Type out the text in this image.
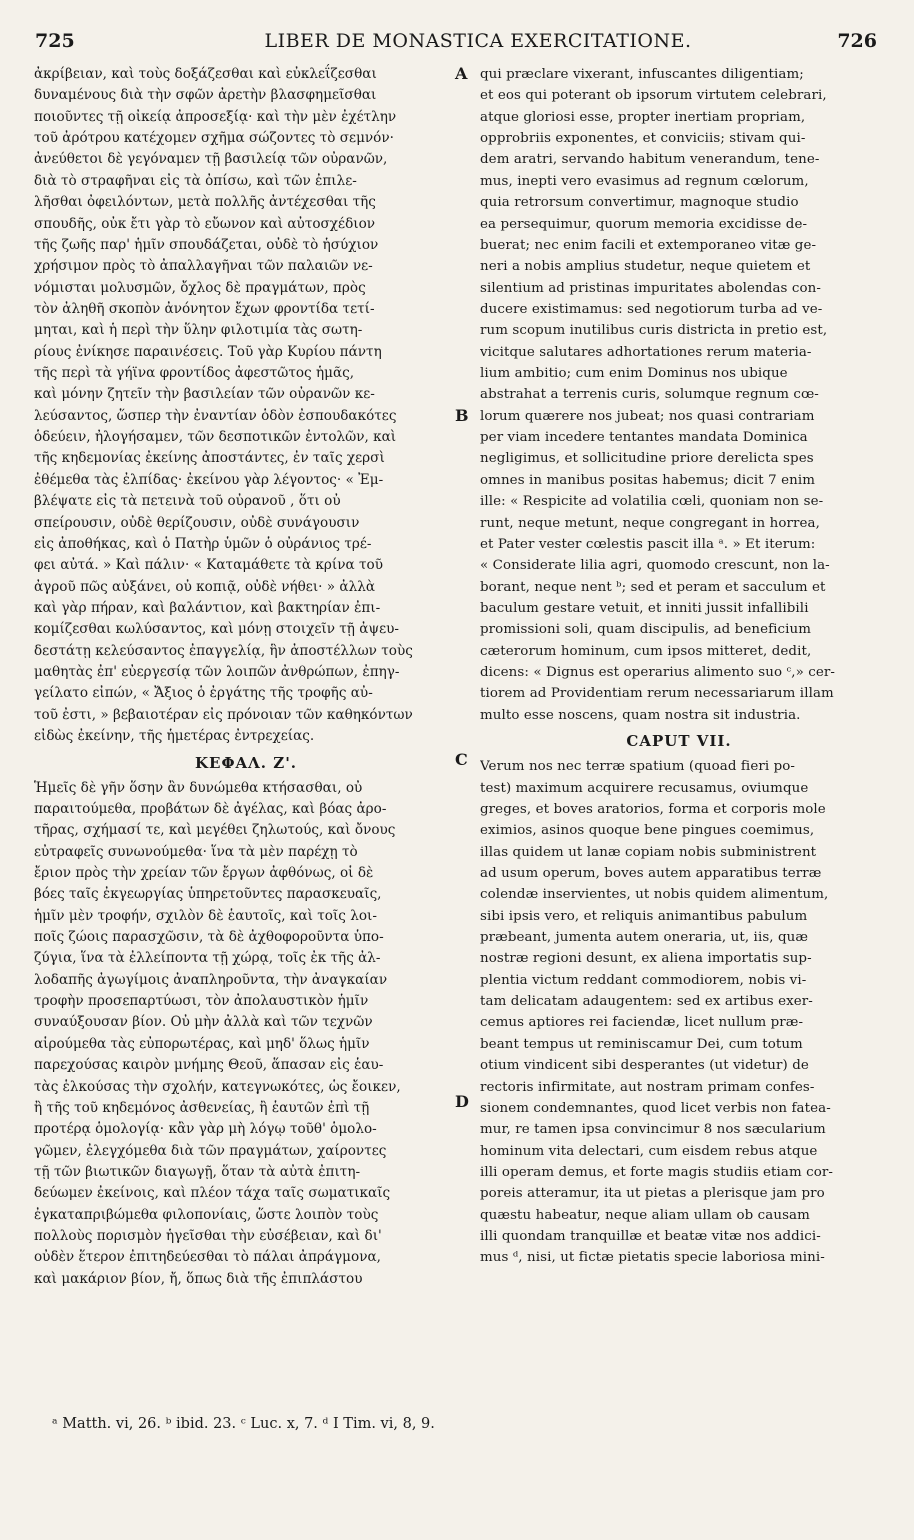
725	LIBER DE MONASTICA EXERCITATIONE.	726
ἀκρίβειαν, καὶ τοὺς δοξάζεσθαι καὶ εὐκλεΐζεσθαι
δυναμένους διὰ τὴν σφῶν ἀρετὴν βλασφημεῖσθαι
ποιοῦντες τῇ οἰκείᾳ ἀπροσεξίᾳ· καὶ τὴν μὲν ἐχέτλην
τοῦ ἀρότρου κατέχομεν σχῆμα σώζοντες τὸ σεμνόν·
ἀνεύθετοι δὲ γεγόναμεν τῇ βασιλείᾳ τῶν οὐρανῶν,
διὰ τὸ στραφῆναι εἰς τὰ ὀπίσω, καὶ τῶν ἐπιλε-
λῆσθαι ὀφειλόντων, μετὰ πολλῆς ἀντέχεσθαι τῆς
σπουδῆς, οὐκ ἔτι γὰρ τὸ εὔωνον καὶ αὐτοσχέδιον
τῆς ζωῆς παρ' ἡμῖν σπουδάζεται, οὐδὲ τὸ ἡσύχιον
χρήσιμον πρὸς τὸ ἀπαλλαγῆναι τῶν παλαιῶν νε-
νόμισται μολυσμῶν, ὄχλος δὲ πραγμάτων, πρὸς
τὸν ἀληθῆ σκοπὸν ἀνόνητον ἔχων φροντίδα τετί-
μηται, καὶ ἡ περὶ τὴν ὕλην φιλοτιμία τὰς σωτη-
ρίους ἐνίκησε παραινέσεις. Τοῦ γὰρ Κυρίου πάντη
τῆς περὶ τὰ γήϊνα φροντίδος ἀφεστῶτος ἡμᾶς,
καὶ μόνην ζητεῖν τὴν βασιλείαν τῶν οὐρανῶν κε-
λεύσαντος, ὥσπερ τὴν ἐναντίαν ὁδὸν ἐσπουδακότες
ὁδεύειν, ἠλογήσαμεν, τῶν δεσποτικῶν ἐντολῶν, καὶ
τῆς κηδεμονίας ἐκείνης ἀποστάντες, ἐν ταῖς χερσὶ
ἐθέμεθα τὰς ἐλπίδας· ἐκείνου γὰρ λέγοντος· « Ἐμ-
βλέψατε εἰς τὰ πετεινὰ τοῦ οὐρανοῦ , ὅτι οὐ
σπείρουσιν, οὐδὲ θερίζουσιν, οὐδὲ συνάγουσιν
εἰς ἀποθήκας, καὶ ὁ Πατὴρ ὑμῶν ὁ οὐράνιος τρέ-
φει αὐτά. » Καὶ πάλιν· « Καταμάθετε τὰ κρίνα τοῦ
ἀγροῦ πῶς αὐξάνει, οὐ κοπιᾷ, οὐδὲ νήθει· » ἀλλὰ
καὶ γὰρ πήραν, καὶ βαλάντιον, καὶ βακτηρίαν ἐπι-
κομίζεσθαι κωλύσαντος, καὶ μόνῃ στοιχεῖν τῇ ἀψευ-
δεστάτῃ κελεύσαντος ἐπαγγελίᾳ, ἣν ἀποστέλλων τοὺς
μαθητὰς ἐπ' εὐεργεσίᾳ τῶν λοιπῶν ἀνθρώπων, ἐπηγ-
γείλατο εἰπών, « Ἄξιος ὁ ἐργάτης τῆς τροφῆς αὐ-
τοῦ ἐστι, » βεβαιοτέραν εἰς πρόνοιαν τῶν καθηκόντων
εἰδὼς ἐκείνην, τῆς ἡμετέρας ἐντρεχείας.
ΚΕΦΑΛ. Ζ'.
Ἡμεῖς δὲ γῆν ὅσην ἂν δυνώμεθα κτήσασθαι, οὐ
παραιτούμεθα, προβάτων δὲ ἀγέλας, καὶ βόας ἀρο-
τῆρας, σχήμασί τε, καὶ μεγέθει ζηλωτούς, καὶ ὄνους
εὐτραφεῖς συνωνούμεθα· ἵνα τὰ μὲν παρέχῃ τὸ
ἔριον πρὸς τὴν χρείαν τῶν ἔργων ἀφθόνως, οἱ δὲ
βόες ταῖς ἐκγεωργίας ὑπηρετοῦντες παρασκευαῖς,
ἡμῖν μὲν τροφήν, σχιλὸν δὲ ἑαυτοῖς, καὶ τοῖς λοι-
ποῖς ζώοις παρασχῶσιν, τὰ δὲ ἀχθοφοροῦντα ὑπο-
ζύγια, ἵνα τὰ ἐλλείποντα τῇ χώρᾳ, τοῖς ἐκ τῆς ἀλ-
λοδαπῆς ἀγωγίμοις ἀναπληροῦντα, τὴν ἀναγκαίαν
τροφὴν προσεπαρτύωσι, τὸν ἀπολαυστικὸν ἡμῖν
συναύξουσαν βίον. Οὐ μὴν ἀλλὰ καὶ τῶν τεχνῶν
αἱρούμεθα τὰς εὐπορωτέρας, καὶ μηδ' ὅλως ἡμῖν
παρεχούσας καιρὸν μνήμης Θεοῦ, ἅπασαν εἰς ἑαυ-
τὰς ἑλκούσας τὴν σχολήν, κατεγνωκότες, ὡς ἔοικεν,
ἢ τῆς τοῦ κηδεμόνος ἀσθενείας, ἢ ἑαυτῶν ἐπὶ τῇ
προτέρᾳ ὁμολογίᾳ· κἂν γὰρ μὴ λόγῳ τοῦθ' ὁμολο-
γῶμεν, ἐλεγχόμεθα διὰ τῶν πραγμάτων, χαίροντες
τῇ τῶν βιωτικῶν διαγωγῇ, ὅταν τὰ αὐτὰ ἐπιτη-
δεύωμεν ἐκείνοις, καὶ πλέον τάχα ταῖς σωματικαῖς
ἐγκαταπριβώμεθα φιλοπονίαις, ὥστε λοιπὸν τοὺς
πολλοὺς πορισμὸν ἡγεῖσθαι τὴν εὐσέβειαν, καὶ δι'
οὐδὲν ἕτερον ἐπιτηδεύεσθαι τὸ πάλαι ἀπράγμονα,
καὶ μακάριον βίον, ἤ, ὅπως διὰ τῆς ἐπιπλάστου
qui præclare vixerant, infuscantes diligentiam;
et eos qui poterant ob ipsorum virtutem celebrari,
atque gloriosi esse, propter inertiam propriam,
opprobriis exponentes, et conviciis; stivam qui-
dem aratri, servando habitum venerandum, tene-
mus, inepti vero evasimus ad regnum cœlorum,
quia retrorsum convertimur, magnoque studio
ea persequimur, quorum memoria excidisse de-
buerat; nec enim facili et extemporaneo vitæ ge-
neri a nobis amplius studetur, neque quietem et
silentium ad pristinas impuritates abolendas con-
ducere existimamus: sed negotiorum turba ad ve-
rum scopum inutilibus curis districta in pretio est,
vicitque salutares adhortationes rerum materia-
lium ambitio; cum enim Dominus nos ubique
abstrahat a terrenis curis, solumque regnum cœ-
lorum quærere nos jubeat; nos quasi contrariam
per viam incedere tentantes mandata Dominica
negligimus, et sollicitudine priore derelicta spes
omnes in manibus positas habemus; dicit 7 enim
ille: « Respicite ad volatilia cœli, quoniam non se-
runt, neque metunt, neque congregant in horrea,
et Pater vester cœlestis pascit illa ᵃ. » Et iterum:
« Considerate lilia agri, quomodo crescunt, non la-
borant, neque nent ᵇ; sed et peram et sacculum et
baculum gestare vetuit, et inniti jussit infallibili
promissioni soli, quam discipulis, ad beneficium
cæterorum hominum, cum ipsos mitteret, dedit,
dicens: « Dignus est operarius alimento suo ᶜ,» cer-
tiorem ad Providentiam rerum necessariarum illam
multo esse noscens, quam nostra sit industria.
CAPUT VII.
Verum nos nec terræ spatium (quoad fieri po-
test) maximum acquirere recusamus, oviumque
greges, et boves aratorios, forma et corporis mole
eximios, asinos quoque bene pingues coemimus,
illas quidem ut lanæ copiam nobis subministrent
ad usum operum, boves autem apparatibus terræ
colendæ inservientes, ut nobis quidem alimentum,
sibi ipsis vero, et reliquis animantibus pabulum
præbeant, jumenta autem oneraria, ut, iis, quæ
nostræ regioni desunt, ex aliena importatis sup-
plentia victum reddant commodiorem, nobis vi-
tam delicatam adaugentem: sed ex artibus exer-
cemus aptiores rei faciendæ, licet nullum præ-
beant tempus ut reminiscamur Dei, cum totum
otium vindicent sibi desperantes (ut videtur) de
rectoris infirmitate, aut nostram primam confes-
sionem condemnantes, quod licet verbis non fatea-
mur, re tamen ipsa convincimur 8 nos sæcularium
hominum vita delectari, cum eisdem rebus atque
illi operam demus, et forte magis studiis etiam cor-
poreis atteramur, ita ut pietas a plerisque jam pro
quæstu habeatur, neque aliam ullam ob causam
illi quondam tranquillæ et beatæ vitæ nos addici-
mus ᵈ, nisi, ut fictæ pietatis specie laboriosa mini-
A
B
C
D
ᵃ Matth. vi, 26. ᵇ ibid. 23. ᶜ Luc. x, 7. ᵈ I Tim. vi, 8, 9.
